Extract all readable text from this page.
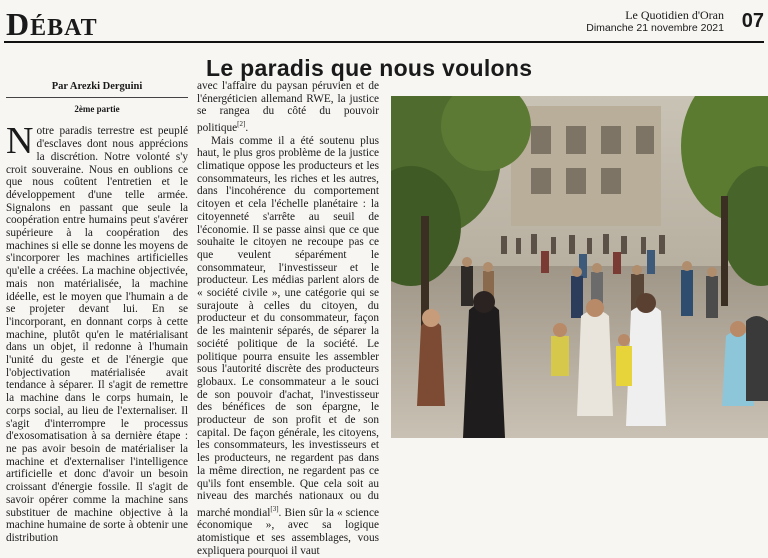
DÉBAT	Le Quotidien d'Oran
Dimanche 21 novembre 2021 07
Le paradis que nous voulons
Par Arezki Derguini
2ème partie
Notre paradis terrestre est peuplé d'esclaves dont nous apprécions la discrétion. Notre volonté s'y croit souveraine. Nous en oublions ce que nous coûtent l'entretien et le développement d'une telle armée. Signalons en passant que seule la coopération entre humains peut s'avérer supérieure à la coopération des machines si elle se donne les moyens de s'incorporer les machines artificielles qu'elle a créées. La machine objectivée, mais non matérialisée, la machine idéelle, est le moyen que l'humain a de se projeter devant lui. En se l'incorporant, en donnant corps à cette machine, plutôt qu'en le matérialisant dans un objet, il redonne à l'humain l'unité du geste et de l'énergie que l'objectivation matérialisée avait tendance à séparer. Il s'agit de remettre la machine dans le corps humain, le corps social, au lieu de l'externaliser. Il s'agit d'interrompre le processus d'exosomatisation à sa dernière étape : ne pas avoir besoin de matérialiser la machine et d'externaliser l'intelligence artificielle et donc d'avoir un besoin croissant d'énergie fossile. Il s'agit de savoir opérer comme la machine sans substituer de machine objective à la machine humaine de sorte à obtenir une distribution

avec l'affaire du paysan péruvien et de l'énergéticien allemand RWE, la justice se rangea du côté du pouvoir politique[2].

Mais comme il a été soutenu plus haut, le plus gros problème de la justice climatique oppose les producteurs et les consommateurs, les riches et les autres, dans l'incohérence du comportement citoyen et cela l'échelle planétaire : la citoyenneté s'arrête au seuil de l'économie. Il se passe ainsi que ce que souhaite le citoyen ne recoupe pas ce que veulent séparément le consommateur, l'investisseur et le producteur. Les médias parlent alors de « société civile », une catégorie qui se surajoute à celles du citoyen, du producteur et du consommateur, façon de les maintenir séparés, de séparer la société politique de la société. Le politique pourra ensuite les assembler sous l'autorité discrète des producteurs globaux. Le consommateur a le souci de son pouvoir d'achat, l'investisseur des bénéfices de son épargne, le producteur de son profit et de son capital. De façon générale, les citoyens, les consommateurs, les investisseurs et les producteurs, ne regardent pas dans la même direction, ne regardent pas ce qu'ils font ensemble. Que cela soit au niveau des marchés nationaux ou du marché mondial[3]. Bien sûr la « science économique », avec sa logique atomistique et ses assemblages, vous expliquera pourquoi il vaut
